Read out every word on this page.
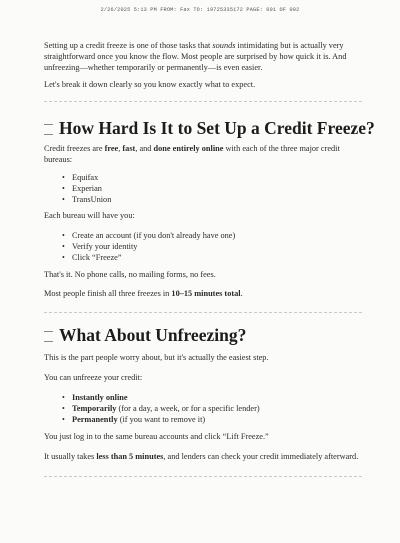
2/26/2025 5:13 PM FROM: Fax TO: 19725335172 PAGE: 001 OF 002

Setting up a credit freeze is one of those tasks that sounds intimidating but is actually very straightforward once you know the flow. Most people are surprised by how quick it is. And unfreezing—whether temporarily or permanently—is even easier.

Let's break it down clearly so you know exactly what to expect.

How Hard Is It to Set Up a Credit Freeze?

Credit freezes are free, fast, and done entirely online with each of the three major credit bureaus:

• Equifax
• Experian
• TransUnion

Each bureau will have you:

• Create an account (if you don't already have one)
• Verify your identity
• Click “Freeze”

That's it. No phone calls, no mailing forms, no fees.

Most people finish all three freezes in 10–15 minutes total.

What About Unfreezing?

This is the part people worry about, but it's actually the easiest step.

You can unfreeze your credit:

• Instantly online
• Temporarily (for a day, a week, or for a specific lender)
• Permanently (if you want to remove it)

You just log in to the same bureau accounts and click “Lift Freeze.”

It usually takes less than 5 minutes, and lenders can check your credit immediately afterward.
